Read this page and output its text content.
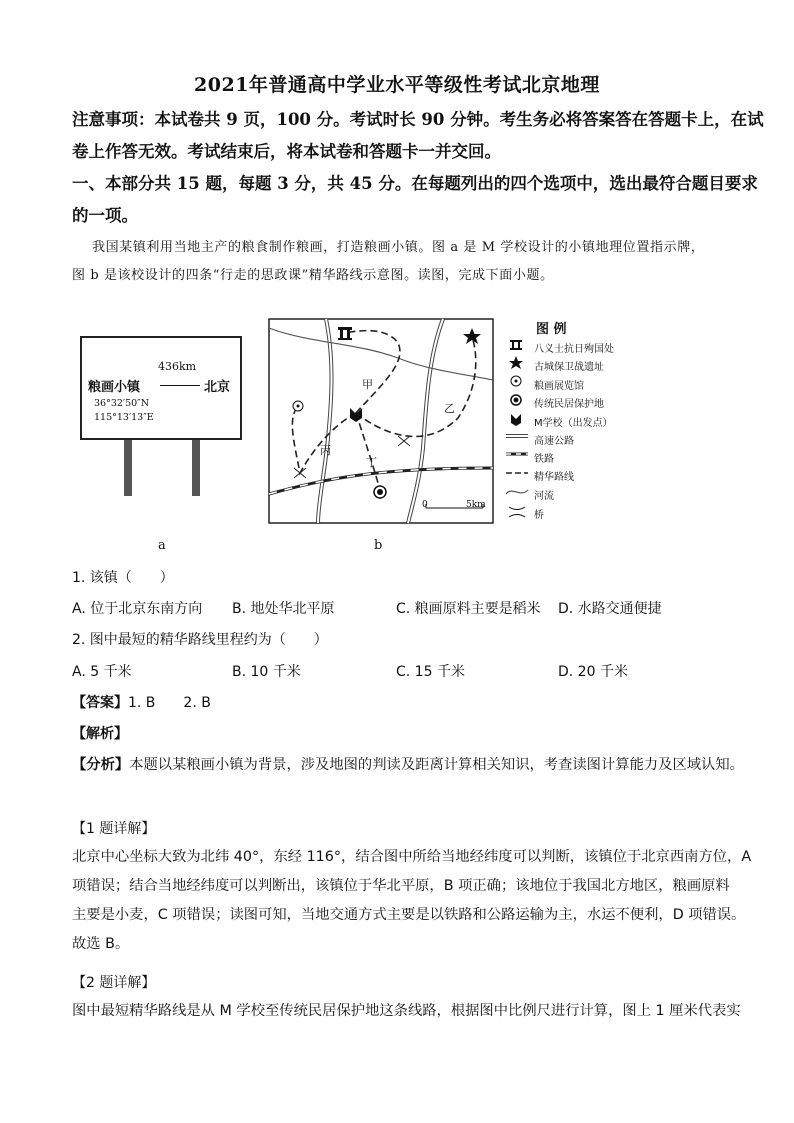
2021年普通高中学业水平等级性考试北京地理
注意事项：本试卷共 9 页，100 分。考试时长 90 分钟。考生务必将答案答在答题卡上，在试
卷上作答无效。考试结束后，将本试卷和答题卡一并交回。
一、本部分共 15 题，每题 3 分，共 45 分。在每题列出的四个选项中，选出最符合题目要求
的一项。
我国某镇利用当地主产的粮食制作粮画，打造粮画小镇。图 a 是 M 学校设计的小镇地理位置指示牌，
图 b 是该校设计的四条“行走的思政课”精华路线示意图。读图，完成下面小题。
436km
粮画小镇	北京
36°32′50″N
115°13′13″E
a
甲
乙
丙
丁
0	5km
b
图 例
八义士抗日殉国处
古城保卫战遗址
粮画展览馆
传统民居保护地
M学校（出发点）
高速公路
铁路
精华路线
河流
桥
1. 该镇（　　）
A. 位于北京东南方向 B. 地处华北平原	C. 粮画原料主要是稻米 D. 水路交通便捷
2. 图中最短的精华路线里程约为（　　）
A. 5 千米	B. 10 千米	C. 15 千米	D. 20 千米
【答案】1. B　　2. B
【解析】
【分析】本题以某粮画小镇为背景，涉及地图的判读及距离计算相关知识，考查读图计算能力及区域认知。
【1 题详解】
北京中心坐标大致为北纬 40°，东经 116°，结合图中所给当地经纬度可以判断，该镇位于北京西南方位，A
项错误；结合当地经纬度可以判断出，该镇位于华北平原，B 项正确；该地位于我国北方地区，粮画原料
主要是小麦，C 项错误；读图可知，当地交通方式主要是以铁路和公路运输为主，水运不便利，D 项错误。
故选 B。
【2 题详解】
图中最短精华路线是从 M 学校至传统民居保护地这条线路，根据图中比例尺进行计算，图上 1 厘米代表实
